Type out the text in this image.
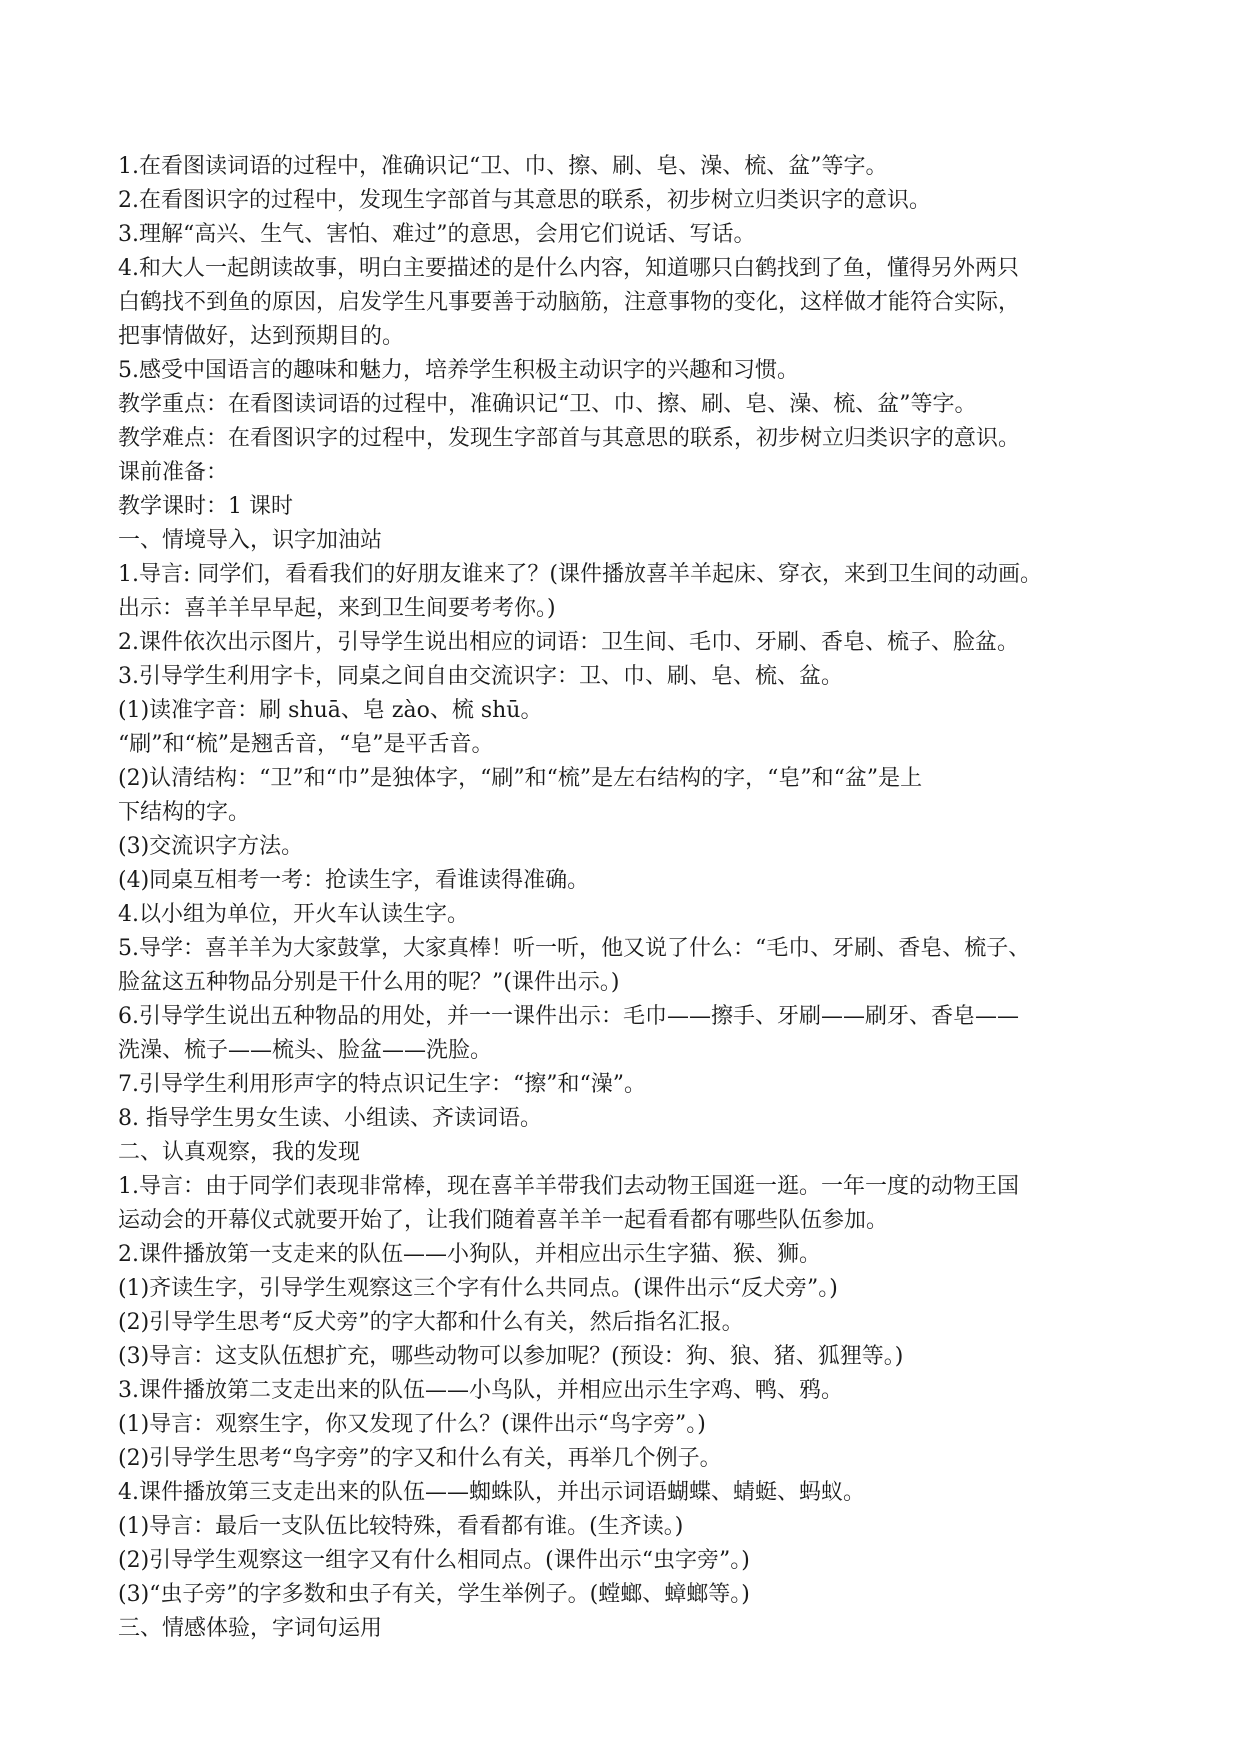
1.在看图读词语的过程中，准确识记“卫、巾、擦、刷、皂、澡、梳、盆”等字。
2.在看图识字的过程中，发现生字部首与其意思的联系，初步树立归类识字的意识。
3.理解“高兴、生气、害怕、难过”的意思，会用它们说话、写话。
4.和大人一起朗读故事，明白主要描述的是什么内容，知道哪只白鹤找到了鱼，懂得另外两只
白鹤找不到鱼的原因，启发学生凡事要善于动脑筋，注意事物的变化，这样做才能符合实际，
把事情做好，达到预期目的。
5.感受中国语言的趣味和魅力，培养学生积极主动识字的兴趣和习惯。
教学重点：在看图读词语的过程中，准确识记“卫、巾、擦、刷、皂、澡、梳、盆”等字。
教学难点：在看图识字的过程中，发现生字部首与其意思的联系，初步树立归类识字的意识。
课前准备：
教学课时：1 课时
一、情境导入，识字加油站
1.导言: 同学们，看看我们的好朋友谁来了？(课件播放喜羊羊起床、穿衣，来到卫生间的动画。
出示：喜羊羊早早起，来到卫生间要考考你。)
2.课件依次出示图片，引导学生说出相应的词语：卫生间、毛巾、牙刷、香皂、梳子、脸盆。
3.引导学生利用字卡，同桌之间自由交流识字：卫、巾、刷、皂、梳、盆。
(1)读准字音：刷 shuā、皂 zào、梳 shū。
“刷”和“梳”是翘舌音，“皂”是平舌音。
(2)认清结构：“卫”和“巾”是独体字，“刷”和“梳”是左右结构的字，“皂”和“盆”是上
下结构的字。
(3)交流识字方法。
(4)同桌互相考一考：抢读生字，看谁读得准确。
4.以小组为单位，开火车认读生字。
5.导学：喜羊羊为大家鼓掌，大家真棒！听一听，他又说了什么：“毛巾、牙刷、香皂、梳子、
脸盆这五种物品分别是干什么用的呢？”(课件出示。)
6.引导学生说出五种物品的用处，并一一课件出示：毛巾——擦手、牙刷——刷牙、香皂——
洗澡、梳子——梳头、脸盆——洗脸。
7.引导学生利用形声字的特点识记生字：“擦”和“澡”。
8. 指导学生男女生读、小组读、齐读词语。
二、认真观察，我的发现
1.导言：由于同学们表现非常棒，现在喜羊羊带我们去动物王国逛一逛。一年一度的动物王国
运动会的开幕仪式就要开始了，让我们随着喜羊羊一起看看都有哪些队伍参加。
2.课件播放第一支走来的队伍——小狗队，并相应出示生字猫、猴、狮。
(1)齐读生字，引导学生观察这三个字有什么共同点。(课件出示“反犬旁”。)
(2)引导学生思考“反犬旁”的字大都和什么有关，然后指名汇报。
(3)导言：这支队伍想扩充，哪些动物可以参加呢？(预设：狗、狼、猪、狐狸等。)
3.课件播放第二支走出来的队伍——小鸟队，并相应出示生字鸡、鸭、鸦。
(1)导言：观察生字，你又发现了什么？(课件出示“鸟字旁”。)
(2)引导学生思考“鸟字旁”的字又和什么有关，再举几个例子。
4.课件播放第三支走出来的队伍——蜘蛛队，并出示词语蝴蝶、蜻蜓、蚂蚁。
(1)导言：最后一支队伍比较特殊，看看都有谁。(生齐读。)
(2)引导学生观察这一组字又有什么相同点。(课件出示“虫字旁”。)
(3)“虫子旁”的字多数和虫子有关，学生举例子。(螳螂、蟑螂等。)
三、情感体验，字词句运用
